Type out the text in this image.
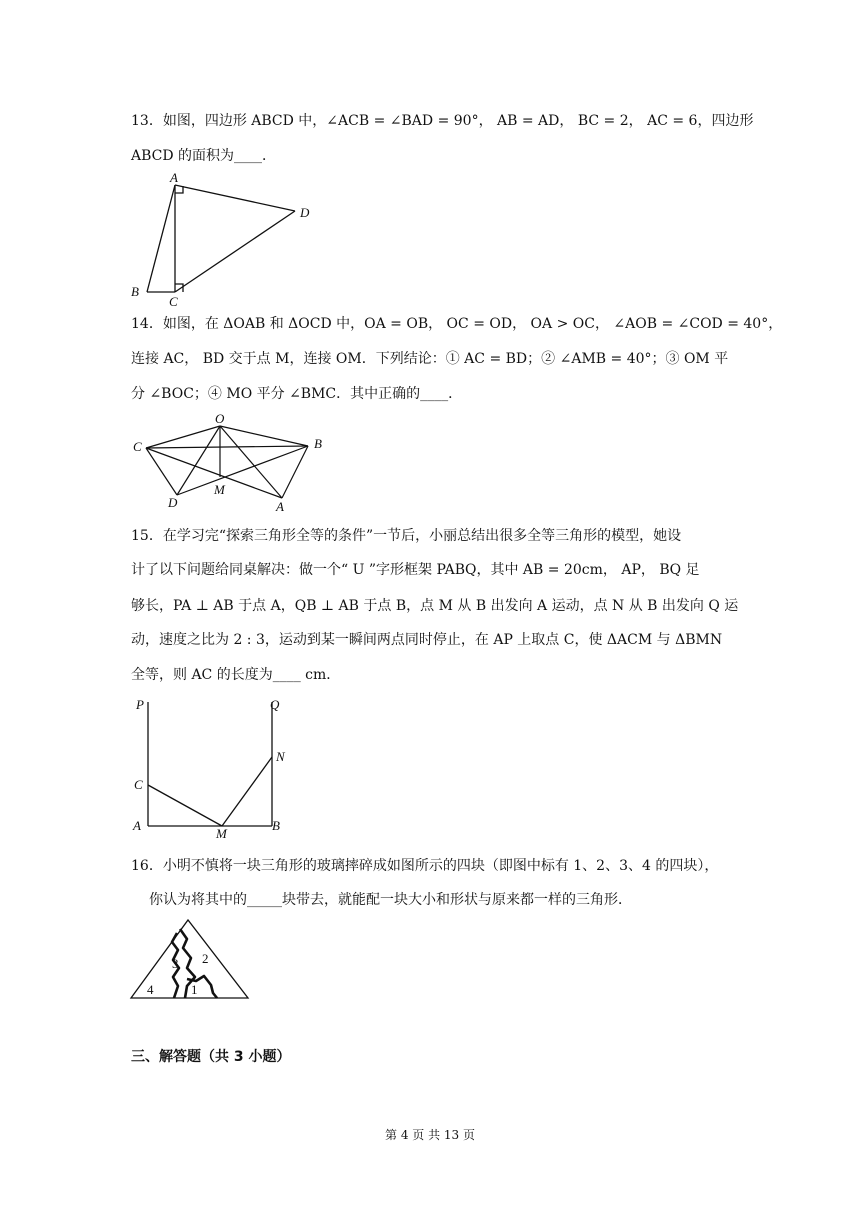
13．如图，四边形 ABCD 中，∠ACB = ∠BAD = 90°， AB = AD， BC = 2， AC = 6，四边形
ABCD 的面积为____．
A
B
C
D
14．如图，在 ΔOAB 和 ΔOCD 中，OA = OB， OC = OD， OA > OC， ∠AOB = ∠COD = 40°，
连接 AC， BD 交于点 M，连接 OM．下列结论：① AC = BD；② ∠AMB = 40°；③ OM 平
分 ∠BOC；④ MO 平分 ∠BMC．其中正确的____．
O
C	B
D
M
A
15．在学习完“探索三角形全等的条件”一节后，小丽总结出很多全等三角形的模型，她设
计了以下问题给同桌解决：做一个“ U ”字形框架 PABQ，其中 AB = 20cm， AP， BQ 足
够长，PA ⊥ AB 于点 A，QB ⊥ AB 于点 B，点 M 从 B 出发向 A 运动，点 N 从 B 出发向 Q 运
动，速度之比为 2 : 3，运动到某一瞬间两点同时停止，在 AP 上取点 C，使 ΔACM 与 ΔBMN
全等，则 AC 的长度为____ cm．
P	Q
N
C
A
M
B
16．小明不慎将一块三角形的玻璃摔碎成如图所示的四块（即图中标有 1、2、3、4 的四块），
你认为将其中的_____块带去，就能配一块大小和形状与原来都一样的三角形．
3 2
4	1
三、解答题（共 3 小题）
第 4 页 共 13 页
